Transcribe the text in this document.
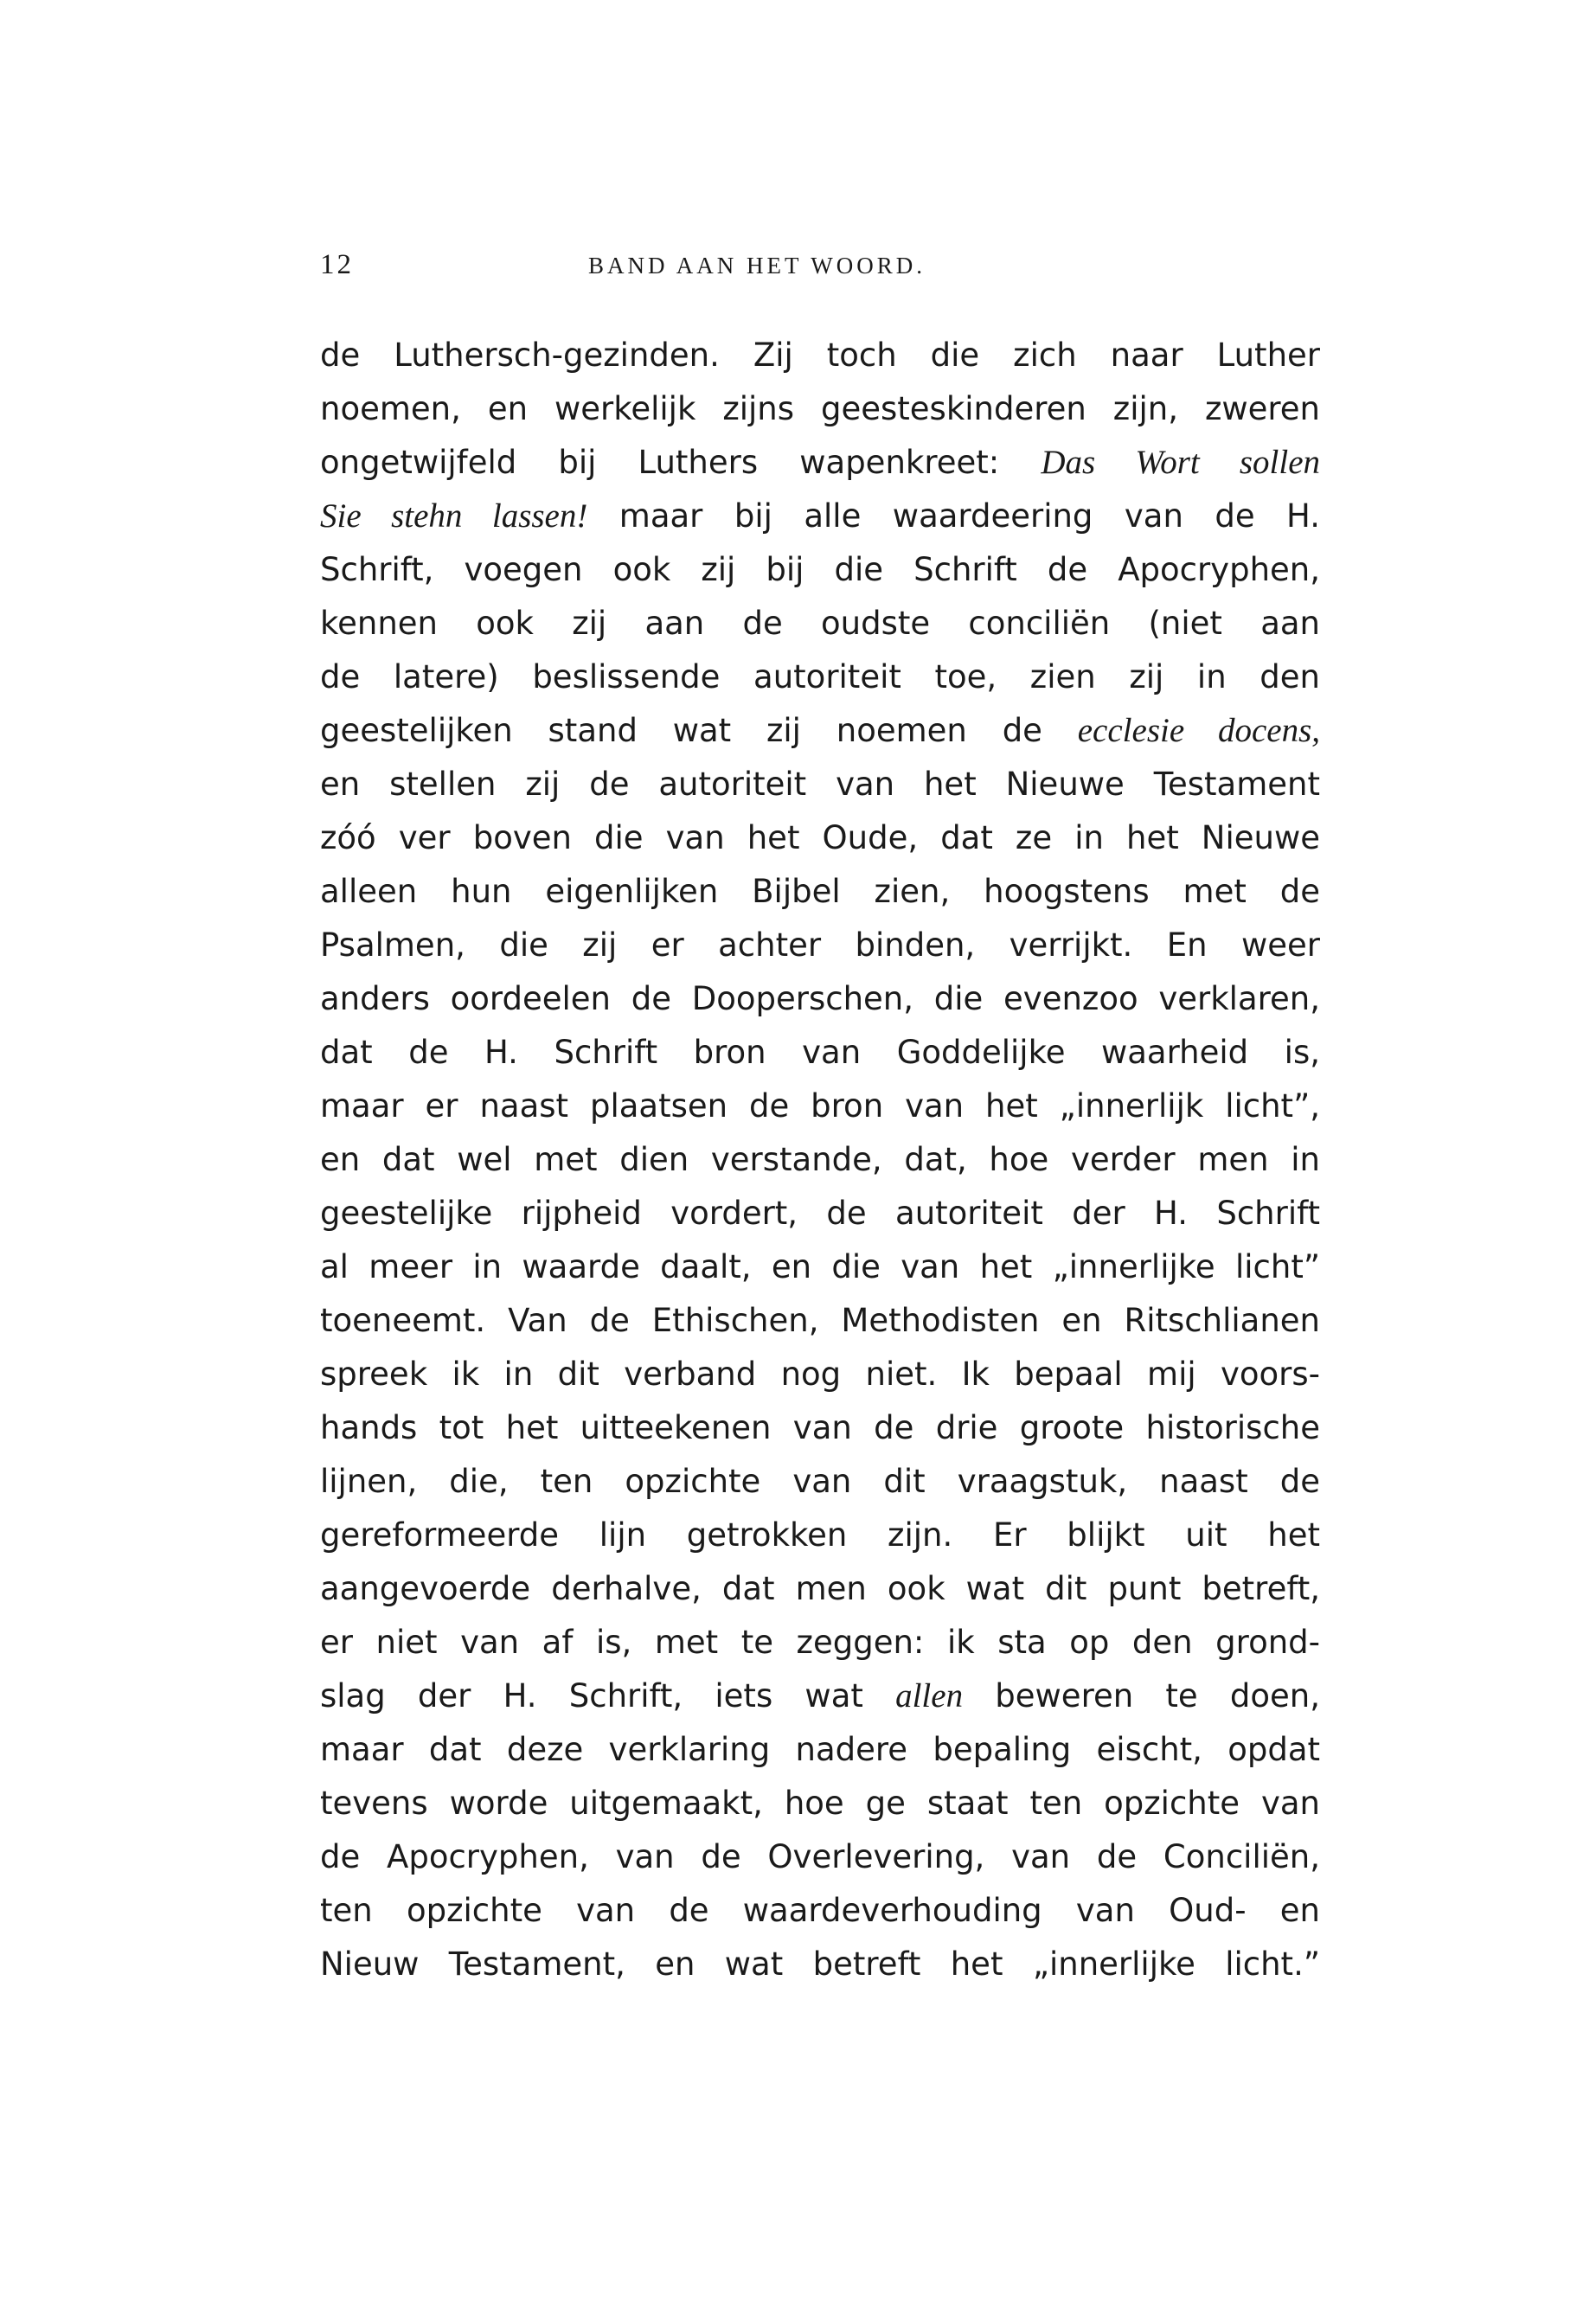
12	BAND AAN HET WOORD.
de Luthersch-gezinden. Zij toch die zich naar Luther
noemen, en werkelijk zijns geesteskinderen zijn, zweren
ongetwijfeld bij Luthers wapenkreet: Das Wort sollen
Sie stehn lassen! maar bij alle waardeering van de H.
Schrift, voegen ook zij bij die Schrift de Apocryphen,
kennen ook zij aan de oudste conciliën (niet aan
de latere) beslissende autoriteit toe, zien zij in den
geestelijken stand wat zij noemen de ecclesie docens,
en stellen zij de autoriteit van het Nieuwe Testament
zóó ver boven die van het Oude, dat ze in het Nieuwe
alleen hun eigenlijken Bijbel zien, hoogstens met de
Psalmen, die zij er achter binden, verrijkt. En weer
anders oordeelen de Dooperschen, die evenzoo verklaren,
dat de H. Schrift bron van Goddelijke waarheid is,
maar er naast plaatsen de bron van het „innerlijk licht”,
en dat wel met dien verstande, dat, hoe verder men in
geestelijke rijpheid vordert, de autoriteit der H. Schrift
al meer in waarde daalt, en die van het „innerlijke licht”
toeneemt. Van de Ethischen, Methodisten en Ritschlianen
spreek ik in dit verband nog niet. Ik bepaal mij voors-
hands tot het uitteekenen van de drie groote historische
lijnen, die, ten opzichte van dit vraagstuk, naast de
gereformeerde lijn getrokken zijn. Er blijkt uit het
aangevoerde derhalve, dat men ook wat dit punt betreft,
er niet van af is, met te zeggen: ik sta op den grond-
slag der H. Schrift, iets wat allen beweren te doen,
maar dat deze verklaring nadere bepaling eischt, opdat
tevens worde uitgemaakt, hoe ge staat ten opzichte van
de Apocryphen, van de Overlevering, van de Conciliën,
ten opzichte van de waardeverhouding van Oud- en
Nieuw Testament, en wat betreft het „innerlijke licht.”
